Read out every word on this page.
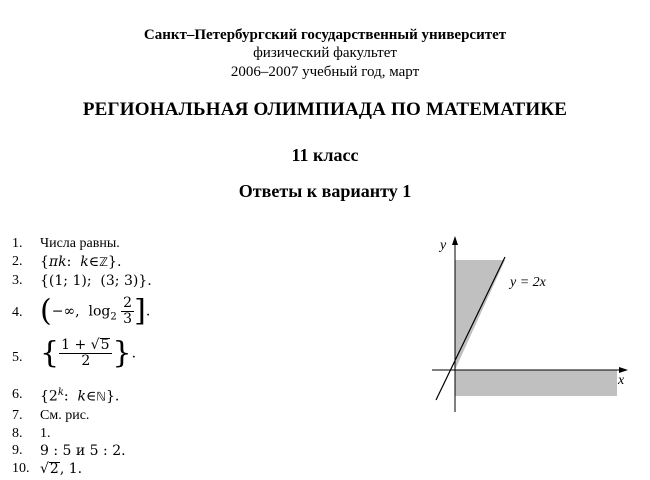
Санкт–Петербургский государственный университет
физический факультет
2006–2007 учебный год, март
РЕГИОНАЛЬНАЯ ОЛИМПИАДА ПО МАТЕМАТИКЕ
11 класс
Ответы к варианту 1
1. Числа равны.
2. {πk:  k∈ℤ}.
3. {(1; 1);  (3; 3)}.
4. (−∞,  $\log_2 \frac{2}{3}$ ].
5. { $\frac{1 + √5}{2}$ }.
6. {2$^k$:  k∈ℕ}.
7. См. рис.
8. 1.
9. 9 : 5 и 5 : 2.
10. √2, 1.
y
x
y = 2x
